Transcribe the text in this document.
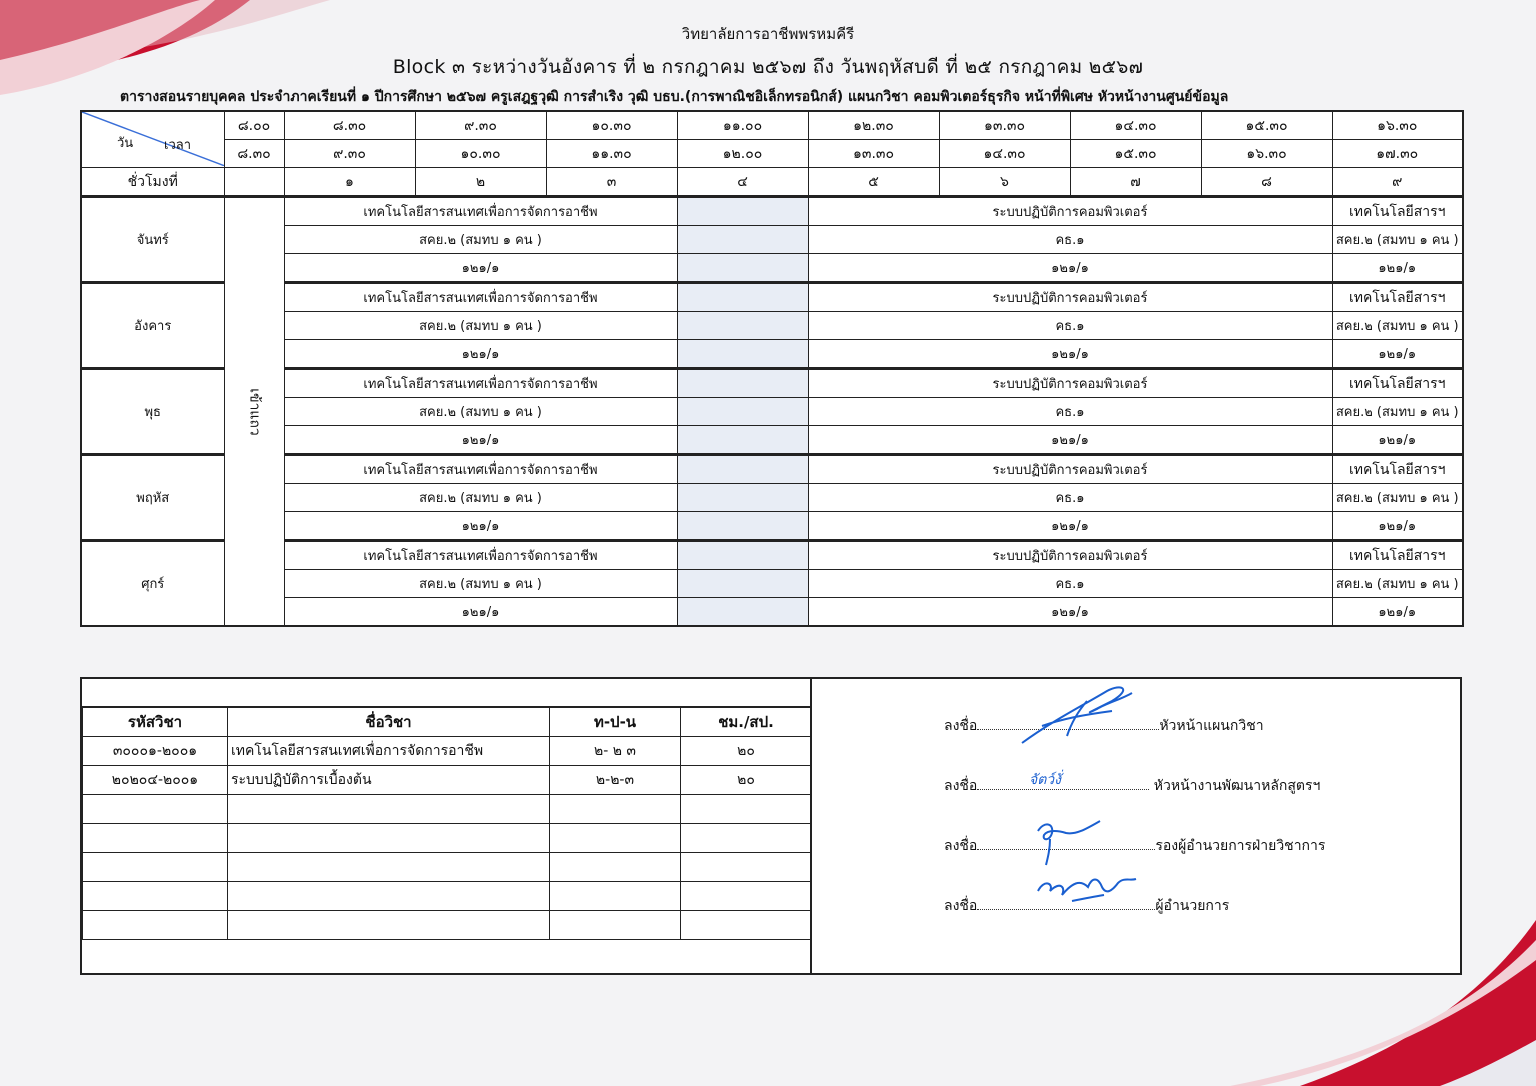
วิทยาลัยการอาชีพพรหมคีรี
Block ๓ ระหว่างวันอังคาร ที่ ๒ กรกฎาคม ๒๕๖๗ ถึง วันพฤหัสบดี ที่ ๒๕ กรกฎาคม ๒๕๖๗
ตารางสอนรายบุคคล ประจำภาคเรียนที่ ๑ ปีการศึกษา ๒๕๖๗ ครูเสฎฐวุฒิ การสำเริง วุฒิ บธบ.(การพาณิชอิเล็กทรอนิกส์) แผนกวิชา คอมพิวเตอร์ธุรกิจ หน้าที่พิเศษ หัวหน้างานศูนย์ข้อมูล
วัน เวลา	๘.๐๐	๘.๓๐	๙.๓๐	๑๐.๓๐	๑๑.๐๐	๑๒.๓๐	๑๓.๓๐	๑๔.๓๐	๑๕.๓๐	๑๖.๓๐
	๘.๓๐	๙.๓๐	๑๐.๓๐	๑๑.๓๐	๑๒.๐๐	๑๓.๓๐	๑๔.๓๐	๑๕.๓๐	๑๖.๓๐	๑๗.๓๐
ชั่วโมงที่		๑	๒	๓	๔	๕	๖	๗	๘	๙
จันทร์	เข้าแถว	เทคโนโลยีสารสนเทศเพื่อการจัดการอาชีพ				ระบบปฏิบัติการคอมพิวเตอร์				เทคโนโลยีสารฯ
		สคย.๒ (สมทบ ๑ คน )				คธ.๑				สคย.๒ (สมทบ ๑ คน )
		๑๒๑/๑				๑๒๑/๑				๑๒๑/๑
อังคาร		เทคโนโลยีสารสนเทศเพื่อการจัดการอาชีพ				ระบบปฏิบัติการคอมพิวเตอร์				เทคโนโลยีสารฯ
		สคย.๒ (สมทบ ๑ คน )				คธ.๑				สคย.๒ (สมทบ ๑ คน )
		๑๒๑/๑				๑๒๑/๑				๑๒๑/๑
พุธ		เทคโนโลยีสารสนเทศเพื่อการจัดการอาชีพ				ระบบปฏิบัติการคอมพิวเตอร์				เทคโนโลยีสารฯ
		สคย.๒ (สมทบ ๑ คน )				คธ.๑				สคย.๒ (สมทบ ๑ คน )
		๑๒๑/๑				๑๒๑/๑				๑๒๑/๑
พฤหัส		เทคโนโลยีสารสนเทศเพื่อการจัดการอาชีพ				ระบบปฏิบัติการคอมพิวเตอร์				เทคโนโลยีสารฯ
		สคย.๒ (สมทบ ๑ คน )				คธ.๑				สคย.๒ (สมทบ ๑ คน )
		๑๒๑/๑				๑๒๑/๑				๑๒๑/๑
ศุกร์		เทคโนโลยีสารสนเทศเพื่อการจัดการอาชีพ				ระบบปฏิบัติการคอมพิวเตอร์				เทคโนโลยีสารฯ
		สคย.๒ (สมทบ ๑ คน )				คธ.๑				สคย.๒ (สมทบ ๑ คน )
		๑๒๑/๑				๑๒๑/๑				๑๒๑/๑
รหัสวิชา	ชื่อวิชา	ท-ป-น	ชม./สป.
๓๐๐๐๑-๒๐๐๑	เทคโนโลยีสารสนเทศเพื่อการจัดการอาชีพ	๒- ๒ ๓	๒๐
๒๐๒๐๔-๒๐๐๑	ระบบปฏิบัติการเบื้องต้น	๒-๒-๓	๒๐

ลงชื่อ	หัวหน้าแผนกวิชา
ลงชื่อ	หัวหน้างานพัฒนาหลักสูตรฯ
จัตว์งั่
ลงชื่อ	รองผู้อำนวยการฝ่ายวิชาการ
ลงชื่อ	ผู้อำนวยการ
